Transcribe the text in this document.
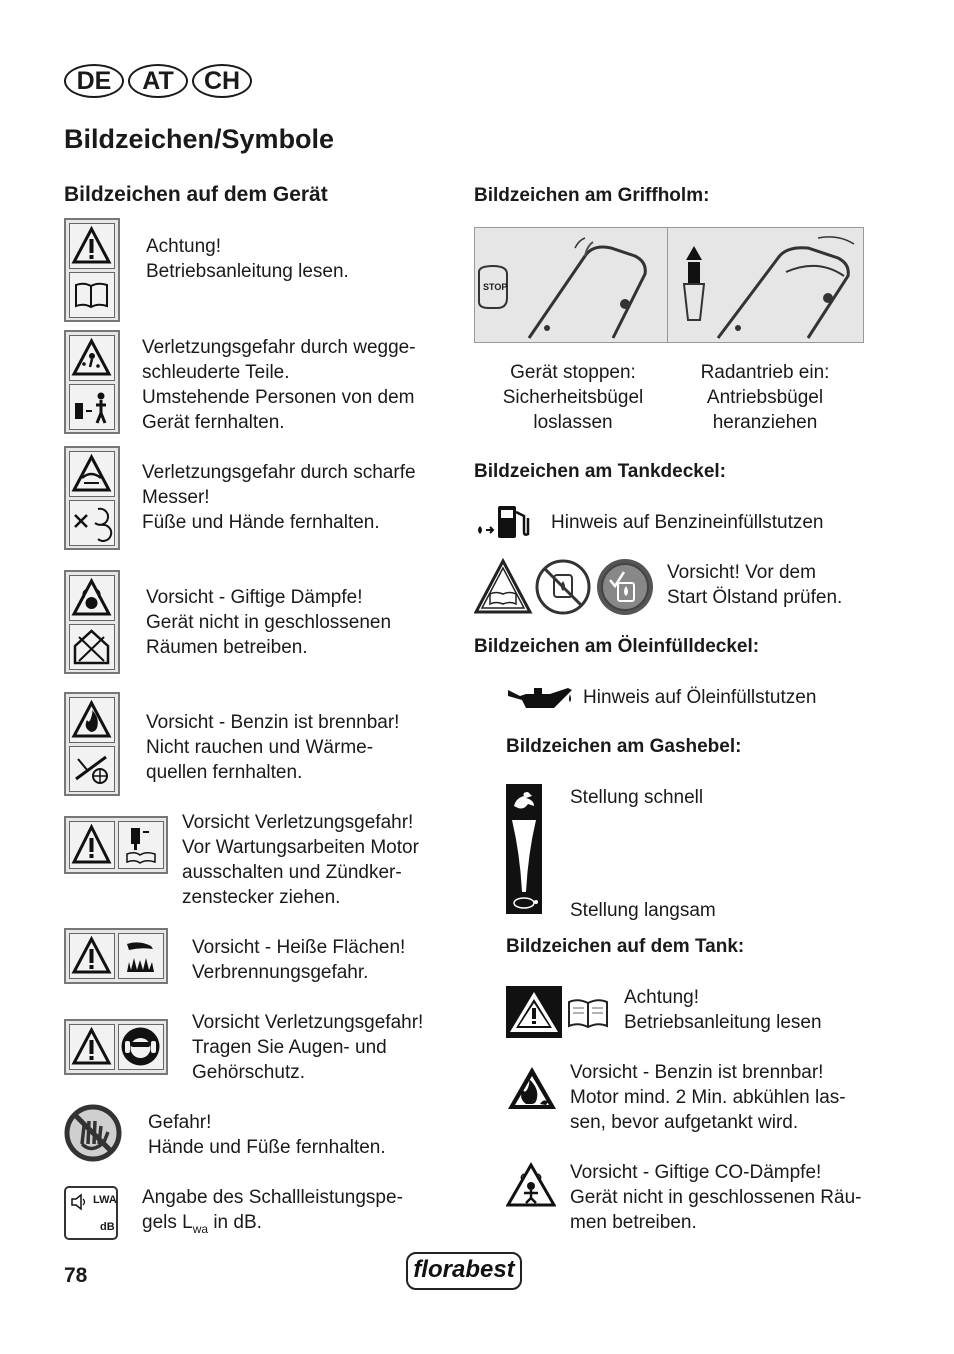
DE	AT	CH
Bildzeichen/Symbole
Bildzeichen auf dem Gerät
Achtung!
Betriebsanleitung lesen.
Verletzungsgefahr durch wegge-
schleuderte Teile.
Umstehende Personen von dem
Gerät fernhalten.
Verletzungsgefahr durch scharfe
Messer!
Füße und Hände fernhalten.
Vorsicht - Giftige Dämpfe!
Gerät nicht in geschlossenen
Räumen betreiben.
Vorsicht - Benzin ist brennbar!
Nicht rauchen und Wärme-
quellen fernhalten.
Vorsicht Verletzungsgefahr!
Vor Wartungsarbeiten Motor
ausschalten und Zündker-
zenstecker ziehen.
Vorsicht - Heiße Flächen!
Verbrennungsgefahr.
Vorsicht Verletzungsgefahr!
Tragen Sie Augen- und
Gehörschutz.
Gefahr!
Hände und Füße fernhalten.
LWA
dB
Angabe des Schallleistungspe-
gels $L_{wa}$ in dB.
Bildzeichen am Griffholm:
STOP
Gerät stoppen:
Sicherheitsbügel
loslassen
Radantrieb ein:
Antriebsbügel
heranziehen
Bildzeichen am Tankdeckel:
Hinweis auf Benzineinfüllstutzen
Vorsicht! Vor dem
Start Ölstand prüfen.
Bildzeichen am Öleinfülldeckel:
Hinweis auf Öleinfüllstutzen
Bildzeichen am Gashebel:
Stellung schnell
Stellung langsam
Bildzeichen auf dem Tank:
Achtung!
Betriebsanleitung lesen
Vorsicht - Benzin ist brennbar!
Motor mind. 2 Min. abkühlen las-
sen, bevor aufgetankt wird.
Vorsicht - Giftige CO-Dämpfe!
Gerät nicht in geschlossenen Räu-
men betreiben.
78	florabest
